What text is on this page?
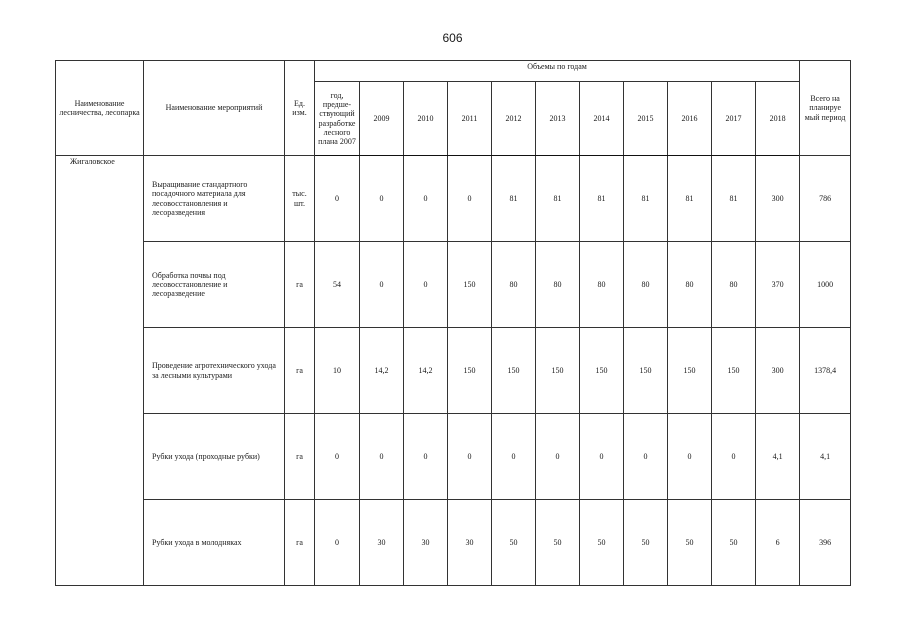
606
Наименование лесничества, лесопарка	Наименование мероприятий	Ед. изм.	Объемы по годам											Всего на планируе мый период
			год, предше- ствующий разработке лесного плана 2007	2009	2010	2011	2012	2013	2014	2015	2016	2017	2018	
Жигаловское	Выращивание стандартного посадочного материала для лесовосстановления и лесоразведения	тыс. шт.	0	0	0	0	81	81	81	81	81	81	300	786
	Обработка почвы под лесовосстановление и лесоразведение	га	54	0	0	150	80	80	80	80	80	80	370	1000
	Проведение агротехнического ухода за лесными культурами	га	10	14,2	14,2	150	150	150	150	150	150	150	300	1378,4
	Рубки ухода (проходные рубки)	га	0	0	0	0	0	0	0	0	0	0	4,1	4,1
	Рубки ухода в молодняках	га	0	30	30	30	50	50	50	50	50	50	6	396
